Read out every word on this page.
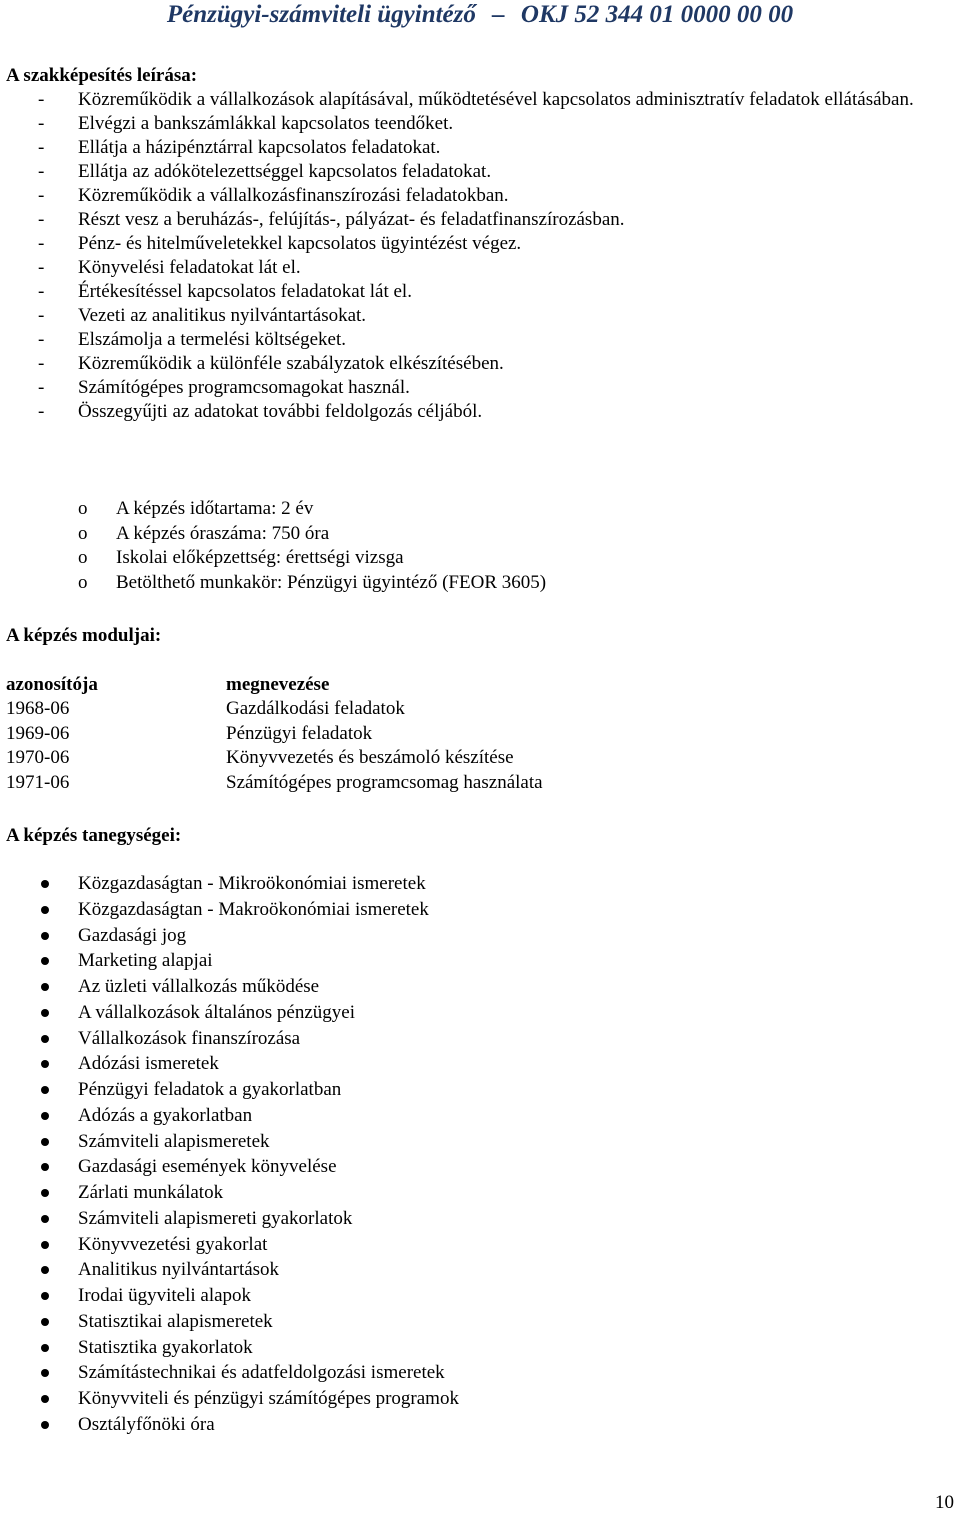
Pénzügyi-számviteli ügyintéző – OKJ 52 344 01 0000 00 00
A szakképesítés leírása:
- Közreműködik a vállalkozások alapításával, működtetésével kapcsolatos adminisztratív feladatok ellátásában.
- Elvégzi a bankszámlákkal kapcsolatos teendőket.
- Ellátja a házipénztárral kapcsolatos feladatokat.
- Ellátja az adókötelezettséggel kapcsolatos feladatokat.
- Közreműködik a vállalkozásfinanszírozási feladatokban.
- Részt vesz a beruházás-, felújítás-, pályázat- és feladatfinanszírozásban.
- Pénz- és hitelműveletekkel kapcsolatos ügyintézést végez.
- Könyvelési feladatokat lát el.
- Értékesítéssel kapcsolatos feladatokat lát el.
- Vezeti az analitikus nyilvántartásokat.
- Elszámolja a termelési költségeket.
- Közreműködik a különféle szabályzatok elkészítésében.
- Számítógépes programcsomagokat használ.
- Összegyűjti az adatokat további feldolgozás céljából.
o A képzés időtartama: 2 év
o A képzés óraszáma: 750 óra
o Iskolai előképzettség: érettségi vizsga
o Betölthető munkakör: Pénzügyi ügyintéző (FEOR 3605)
A képzés moduljai:
azonosítója	megnevezése
1968-06	Gazdálkodási feladatok
1969-06	Pénzügyi feladatok
1970-06	Könyvvezetés és beszámoló készítése
1971-06	Számítógépes programcsomag használata
A képzés tanegységei:
Közgazdaságtan - Mikroökonómiai ismeretek
Közgazdaságtan - Makroökonómiai ismeretek
Gazdasági jog
Marketing alapjai
Az üzleti vállalkozás működése
A vállalkozások általános pénzügyei
Vállalkozások finanszírozása
Adózási ismeretek
Pénzügyi feladatok a gyakorlatban
Adózás a gyakorlatban
Számviteli alapismeretek
Gazdasági események könyvelése
Zárlati munkálatok
Számviteli alapismereti gyakorlatok
Könyvvezetési gyakorlat
Analitikus nyilvántartások
Irodai ügyviteli alapok
Statisztikai alapismeretek
Statisztika gyakorlatok
Számítástechnikai és adatfeldolgozási ismeretek
Könyvviteli és pénzügyi számítógépes programok
Osztályfőnöki óra
10
